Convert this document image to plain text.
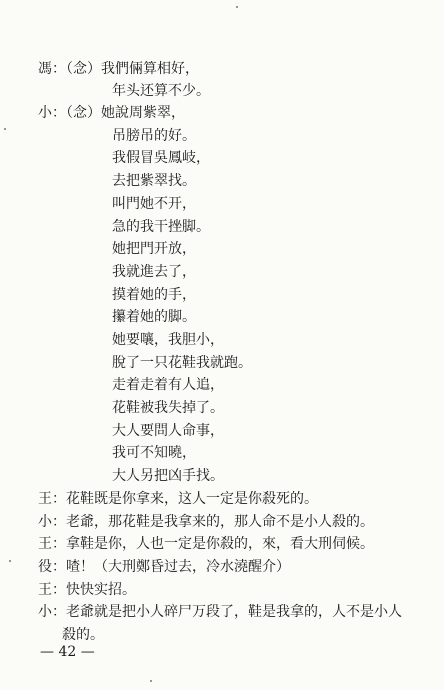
馮：（念）我們倆算相好，
年头还算不少。
小：（念）她說周紫翠，
吊膀吊的好。
我假冒吳鳳岐，
去把紫翠找。
叫門她不开，
急的我干挫脚。
她把門开放，
我就進去了，
摸着她的手，
攥着她的脚。
她要嚷，我胆小，
脫了一只花鞋我就跑。
走着走着有人追，
花鞋被我失掉了。
大人要問人命事，
我可不知曉，
大人另把凶手找。
王：花鞋既是你拿来，这人一定是你殺死的。
小：老爺，那花鞋是我拿来的，那人命不是小人殺的。
王：拿鞋是你，人也一定是你殺的，來，看大刑伺候。
役：喳！（大刑鄭昏过去，冷水澆醒介）
王：快快实招。
小：老爺就是把小人碎尸万段了，鞋是我拿的，人不是小人
殺的。
— 42 —
